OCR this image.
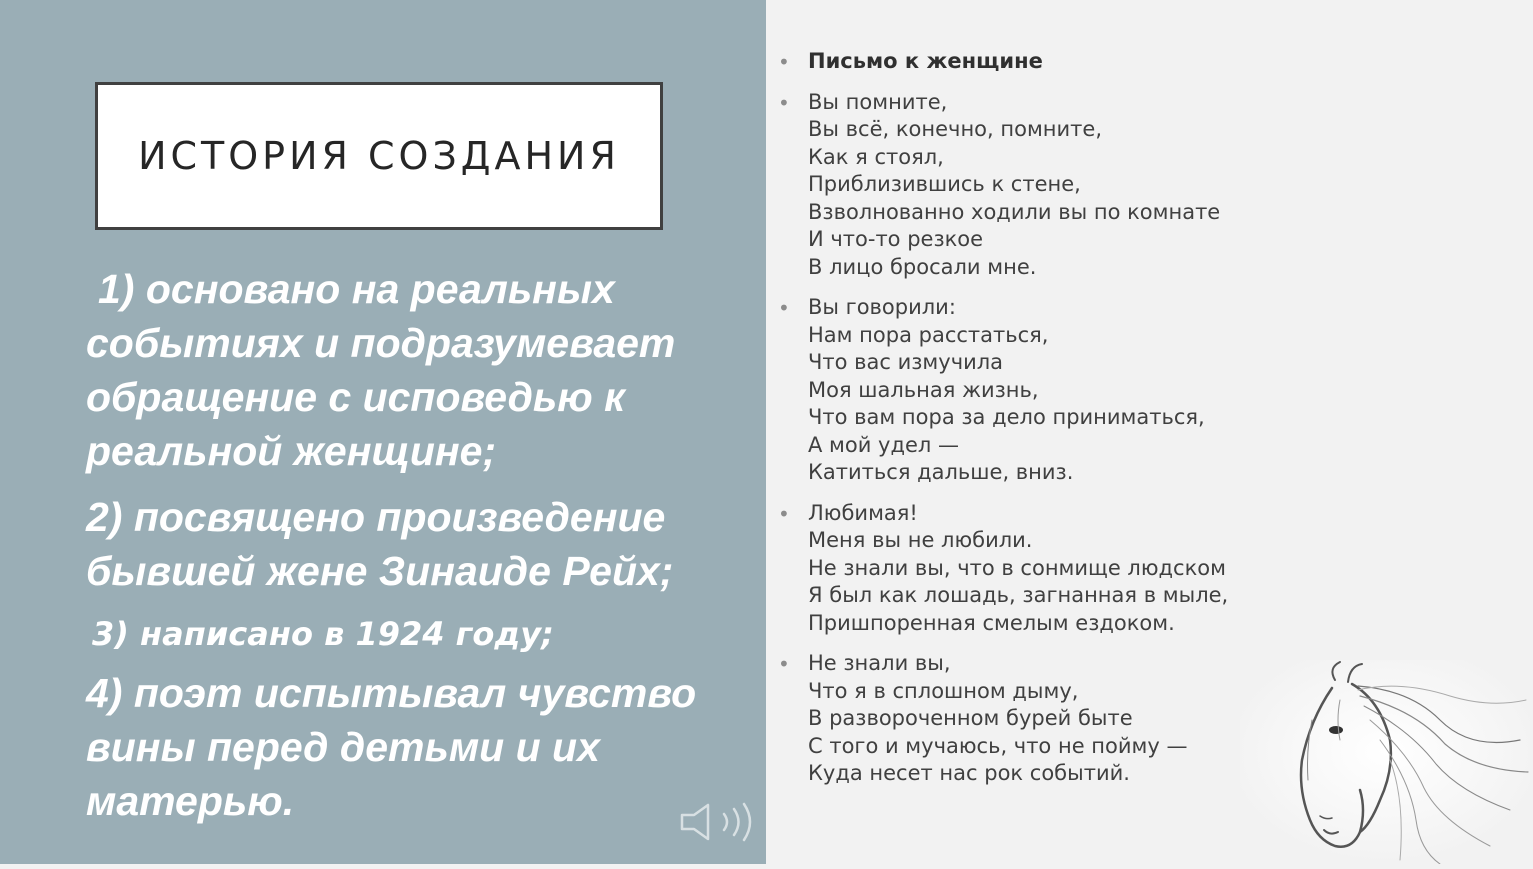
ИСТОРИЯ СОЗДАНИЯ
1) основано на реальных
событиях и подразумевает
обращение с исповедью к
реальной женщине;
2) посвящено произведение
бывшей жене Зинаиде Рейх;
3) написано в 1924 году;
4) поэт испытывал чувство
вины перед детьми и их
матерью.
• Письмо к женщине
• Вы помните,
Вы всё, конечно, помните,
Как я стоял,
Приблизившись к стене,
Взволнованно ходили вы по комнате
И что-то резкое
В лицо бросали мне.
• Вы говорили:
Нам пора расстаться,
Что вас измучила
Моя шальная жизнь,
Что вам пора за дело приниматься,
А мой удел —
Катиться дальше, вниз.
• Любимая!
Меня вы не любили.
Не знали вы, что в сонмище людском
Я был как лошадь, загнанная в мыле,
Пришпоренная смелым ездоком.
• Не знали вы,
Что я в сплошном дыму,
В развороченном бурей быте
С того и мучаюсь, что не пойму —
Куда несет нас рок событий.
